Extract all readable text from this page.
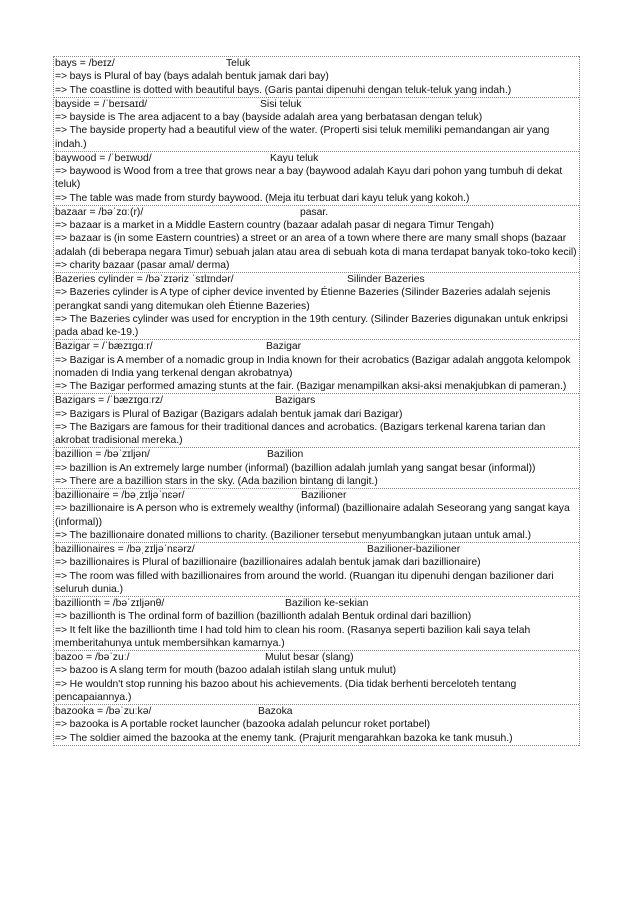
bays = /beɪz/	Teluk
=> bays is Plural of bay (bays adalah bentuk jamak dari bay)
=> The coastline is dotted with beautiful bays. (Garis pantai dipenuhi dengan teluk-teluk yang indah.)
bayside = /ˈbeɪsaɪd/	Sisi teluk
=> bayside is The area adjacent to a bay (bayside adalah area yang berbatasan dengan teluk)
=> The bayside property had a beautiful view of the water. (Properti sisi teluk memiliki pemandangan air yang indah.)
baywood = /ˈbeɪwʊd/	Kayu teluk
=> baywood is Wood from a tree that grows near a bay (baywood adalah Kayu dari pohon yang tumbuh di dekat teluk)
=> The table was made from sturdy baywood. (Meja itu terbuat dari kayu teluk yang kokoh.)
bazaar = /bəˈzɑː(r)/	pasar.
=> bazaar is a market in a Middle Eastern country (bazaar adalah pasar di negara Timur Tengah)
=> bazaar is (in some Eastern countries) a street or an area of a town where there are many small shops (bazaar adalah (di beberapa negara Timur) sebuah jalan atau area di sebuah kota di mana terdapat banyak toko-toko kecil)
=> charity bazaar (pasar amal/ derma)
Bazeries cylinder = /bəˈzɪəriz ˈsɪlɪndər/	Silinder Bazeries
=> Bazeries cylinder is A type of cipher device invented by Étienne Bazeries (Silinder Bazeries adalah sejenis perangkat sandi yang ditemukan oleh Étienne Bazeries)
=> The Bazeries cylinder was used for encryption in the 19th century. (Silinder Bazeries digunakan untuk enkripsi pada abad ke-19.)
Bazigar = /ˈbæzɪɡɑːr/	Bazigar
=> Bazigar is A member of a nomadic group in India known for their acrobatics (Bazigar adalah anggota kelompok nomaden di India yang terkenal dengan akrobatnya)
=> The Bazigar performed amazing stunts at the fair. (Bazigar menampilkan aksi-aksi menakjubkan di pameran.)
Bazigars = /ˈbæzɪɡɑːrz/	Bazigars
=> Bazigars is Plural of Bazigar (Bazigars adalah bentuk jamak dari Bazigar)
=> The Bazigars are famous for their traditional dances and acrobatics. (Bazigars terkenal karena tarian dan akrobat tradisional mereka.)
bazillion = /bəˈzɪljən/	Bazilion
=> bazillion is An extremely large number (informal) (bazillion adalah jumlah yang sangat besar (informal))
=> There are a bazillion stars in the sky. (Ada bazilion bintang di langit.)
bazillionaire = /bəˌzɪljəˈnɛər/	Bazilioner
=> bazillionaire is A person who is extremely wealthy (informal) (bazillionaire adalah Seseorang yang sangat kaya (informal))
=> The bazillionaire donated millions to charity. (Bazilioner tersebut menyumbangkan jutaan untuk amal.)
bazillionaires = /bəˌzɪljəˈnɛərz/	Bazilioner-bazilioner
=> bazillionaires is Plural of bazillionaire (bazillionaires adalah bentuk jamak dari bazillionaire)
=> The room was filled with bazillionaires from around the world. (Ruangan itu dipenuhi dengan bazilioner dari seluruh dunia.)
bazillionth = /bəˈzɪljənθ/	Bazilion ke-sekian
=> bazillionth is The ordinal form of bazillion (bazillionth adalah Bentuk ordinal dari bazillion)
=> It felt like the bazillionth time I had told him to clean his room. (Rasanya seperti bazilion kali saya telah memberitahunya untuk membersihkan kamarnya.)
bazoo = /bəˈzuː/	Mulut besar (slang)
=> bazoo is A slang term for mouth (bazoo adalah istilah slang untuk mulut)
=> He wouldn't stop running his bazoo about his achievements. (Dia tidak berhenti berceloteh tentang pencapaiannya.)
bazooka = /bəˈzuːkə/	Bazoka
=> bazooka is A portable rocket launcher (bazooka adalah peluncur roket portabel)
=> The soldier aimed the bazooka at the enemy tank. (Prajurit mengarahkan bazoka ke tank musuh.)
